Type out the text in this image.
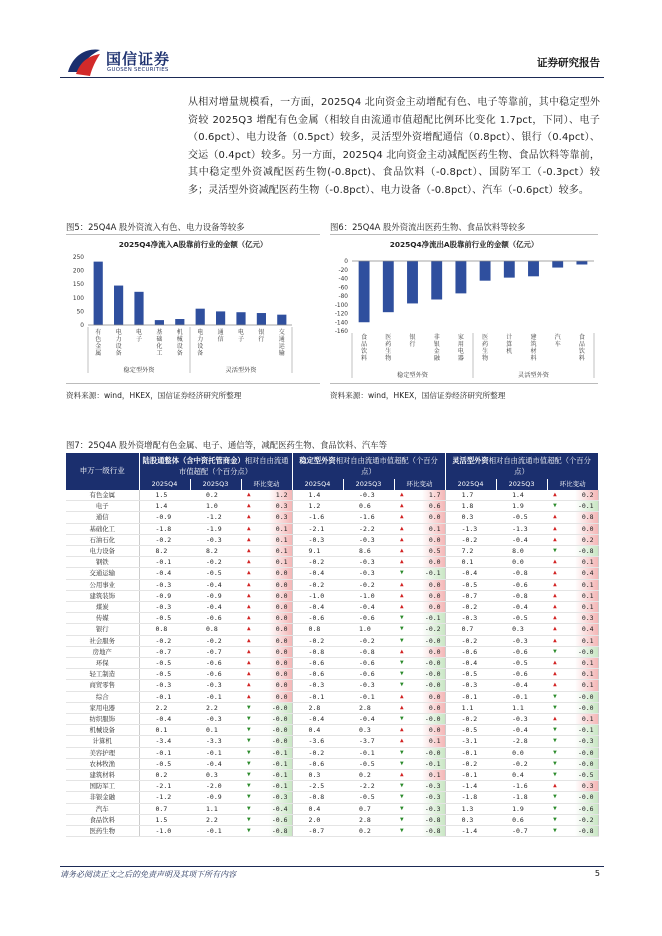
国信证券
GUOSEN SECURITIES
证券研究报告

从相对增量规模看，一方面，2025Q4 北向资金主动增配有色、电子等靠前，其中稳定型外资较 2025Q3 增配有色金属（相较自由流通市值超配比例环比变化 1.7pct，下同）、电子（0.6pct）、电力设备（0.5pct）较多，灵活型外资增配通信（0.8pct）、银行（0.4pct）、交运（0.4pct）较多。另一方面，2025Q4 北向资金主动减配医药生物、食品饮料等靠前，其中稳定型外资减配医药生物(-0.8pct)、食品饮料（-0.8pct）、国防军工（-0.3pct）较多；灵活型外资减配医药生物（-0.8pct）、电力设备（-0.8pct）、汽车（-0.6pct）较多。

图5：25Q4A 股外资流入有色、电力设备等较多
2025Q4净流入A股靠前行业的金额（亿元）
0
50
100
150
200
250
有色金属
电力设备
电子
基础化工
机械设备
电力设备
通信
电子
银行
交通运输
稳定型外资	灵活型外资
资料来源：wind，HKEX，国信证券经济研究所整理
图6：25Q4A 股外资流出医药生物、食品饮料等较多
2025Q4净流出A股靠前行业的金额（亿元）
0
-20
-40
-60
-80
-100
-120
-140
-160
食品饮料
医药生物
银行
非银金融
家用电器
医药生物
计算机
建筑材料
汽车
食品饮料
稳定型外资	灵活型外资
资料来源：wind，HKEX，国信证券经济研究所整理
图7：25Q4A 股外资增配有色金属、电子、通信等，减配医药生物、食品饮料、汽车等
申万一级行业	陆股通整体（含中资托管商金）相对自由流通市值超配（个百分点）			稳定型外资相对自由流通市值超配（个百分点）			灵活型外资相对自由流通市值超配（个百分点）		
	2025Q4	2025Q3	环比变动	2025Q4	2025Q3	环比变动	2025Q4	2025Q3	环比变动
有色金属	1.5	0.2	▲ 1.2	1.4	-0.3	▲ 1.7	1.7	1.4	▲ 0.2
电子	1.4	1.0	▲ 0.3	1.2	0.6	▲ 0.6	1.8	1.9	▼ -0.1
通信	-0.9	-1.2	▲ 0.3	-1.6	-1.6	▲ 0.0	0.3	-0.5	▲ 0.8
基础化工	-1.8	-1.9	▲ 0.1	-2.1	-2.2	▲ 0.1	-1.3	-1.3	▲ 0.0
石油石化	-0.2	-0.3	▲ 0.1	-0.3	-0.3	▲ 0.0	-0.2	-0.4	▲ 0.2
电力设备	8.2	8.2	▲ 0.1	9.1	8.6	▲ 0.5	7.2	8.0	▼ -0.8
钢铁	-0.1	-0.2	▲ 0.1	-0.2	-0.3	▲ 0.0	0.1	0.0	▲ 0.1
交通运输	-0.4	-0.5	▲ 0.0	-0.4	-0.3	▼ -0.1	-0.4	-0.8	▲ 0.4
公用事业	-0.3	-0.4	▲ 0.0	-0.2	-0.2	▲ 0.0	-0.5	-0.6	▲ 0.1
建筑装饰	-0.9	-0.9	▲ 0.0	-1.0	-1.0	▲ 0.0	-0.7	-0.8	▲ 0.1
煤炭	-0.3	-0.4	▲ 0.0	-0.4	-0.4	▲ 0.0	-0.2	-0.4	▲ 0.1
传媒	-0.5	-0.6	▲ 0.0	-0.6	-0.6	▼ -0.1	-0.3	-0.5	▲ 0.3
银行	0.8	0.8	▲ 0.0	0.8	1.0	▼ -0.2	0.7	0.3	▲ 0.4
社会服务	-0.2	-0.2	▲ 0.0	-0.2	-0.2	▼ -0.0	-0.2	-0.3	▲ 0.1
房地产	-0.7	-0.7	▲ 0.0	-0.8	-0.8	▲ 0.0	-0.6	-0.6	▼ -0.0
环保	-0.5	-0.6	▲ 0.0	-0.6	-0.6	▼ -0.0	-0.4	-0.5	▲ 0.1
轻工制造	-0.5	-0.6	▲ 0.0	-0.6	-0.6	▼ -0.0	-0.5	-0.6	▲ 0.1
商贸零售	-0.3	-0.3	▲ 0.0	-0.3	-0.3	▼ -0.0	-0.3	-0.4	▲ 0.1
综合	-0.1	-0.1	▲ 0.0	-0.1	-0.1	▲ 0.0	-0.1	-0.1	▼ -0.0
家用电器	2.2	2.2	▼ -0.0	2.8	2.8	▲ 0.0	1.1	1.1	▼ -0.0
纺织服饰	-0.4	-0.3	▼ -0.0	-0.4	-0.4	▼ -0.0	-0.2	-0.3	▲ 0.1
机械设备	0.1	0.1	▼ -0.0	0.4	0.3	▲ 0.0	-0.5	-0.4	▼ -0.1
计算机	-3.4	-3.3	▼ -0.0	-3.6	-3.7	▲ 0.1	-3.1	-2.8	▼ -0.3
美容护理	-0.1	-0.1	▼ -0.1	-0.2	-0.1	▼ -0.0	-0.1	0.0	▼ -0.0
农林牧渔	-0.5	-0.4	▼ -0.1	-0.6	-0.5	▼ -0.1	-0.2	-0.2	▼ -0.0
建筑材料	0.2	0.3	▼ -0.1	0.3	0.2	▲ 0.1	-0.1	0.4	▼ -0.5
国防军工	-2.1	-2.0	▼ -0.1	-2.5	-2.2	▼ -0.3	-1.4	-1.6	▲ 0.3
非银金融	-1.2	-0.9	▼ -0.3	-0.8	-0.5	▼ -0.3	-1.8	-1.8	▼ -0.0
汽车	0.7	1.1	▼ -0.4	0.4	0.7	▼ -0.3	1.3	1.9	▼ -0.6
食品饮料	1.5	2.2	▼ -0.6	2.0	2.8	▼ -0.8	0.3	0.6	▼ -0.2
医药生物	-1.0	-0.1	▼ -0.8	-0.7	0.2	▼ -0.8	-1.4	-0.7	▼ -0.8
请务必阅读正文之后的免责声明及其项下所有内容	5
